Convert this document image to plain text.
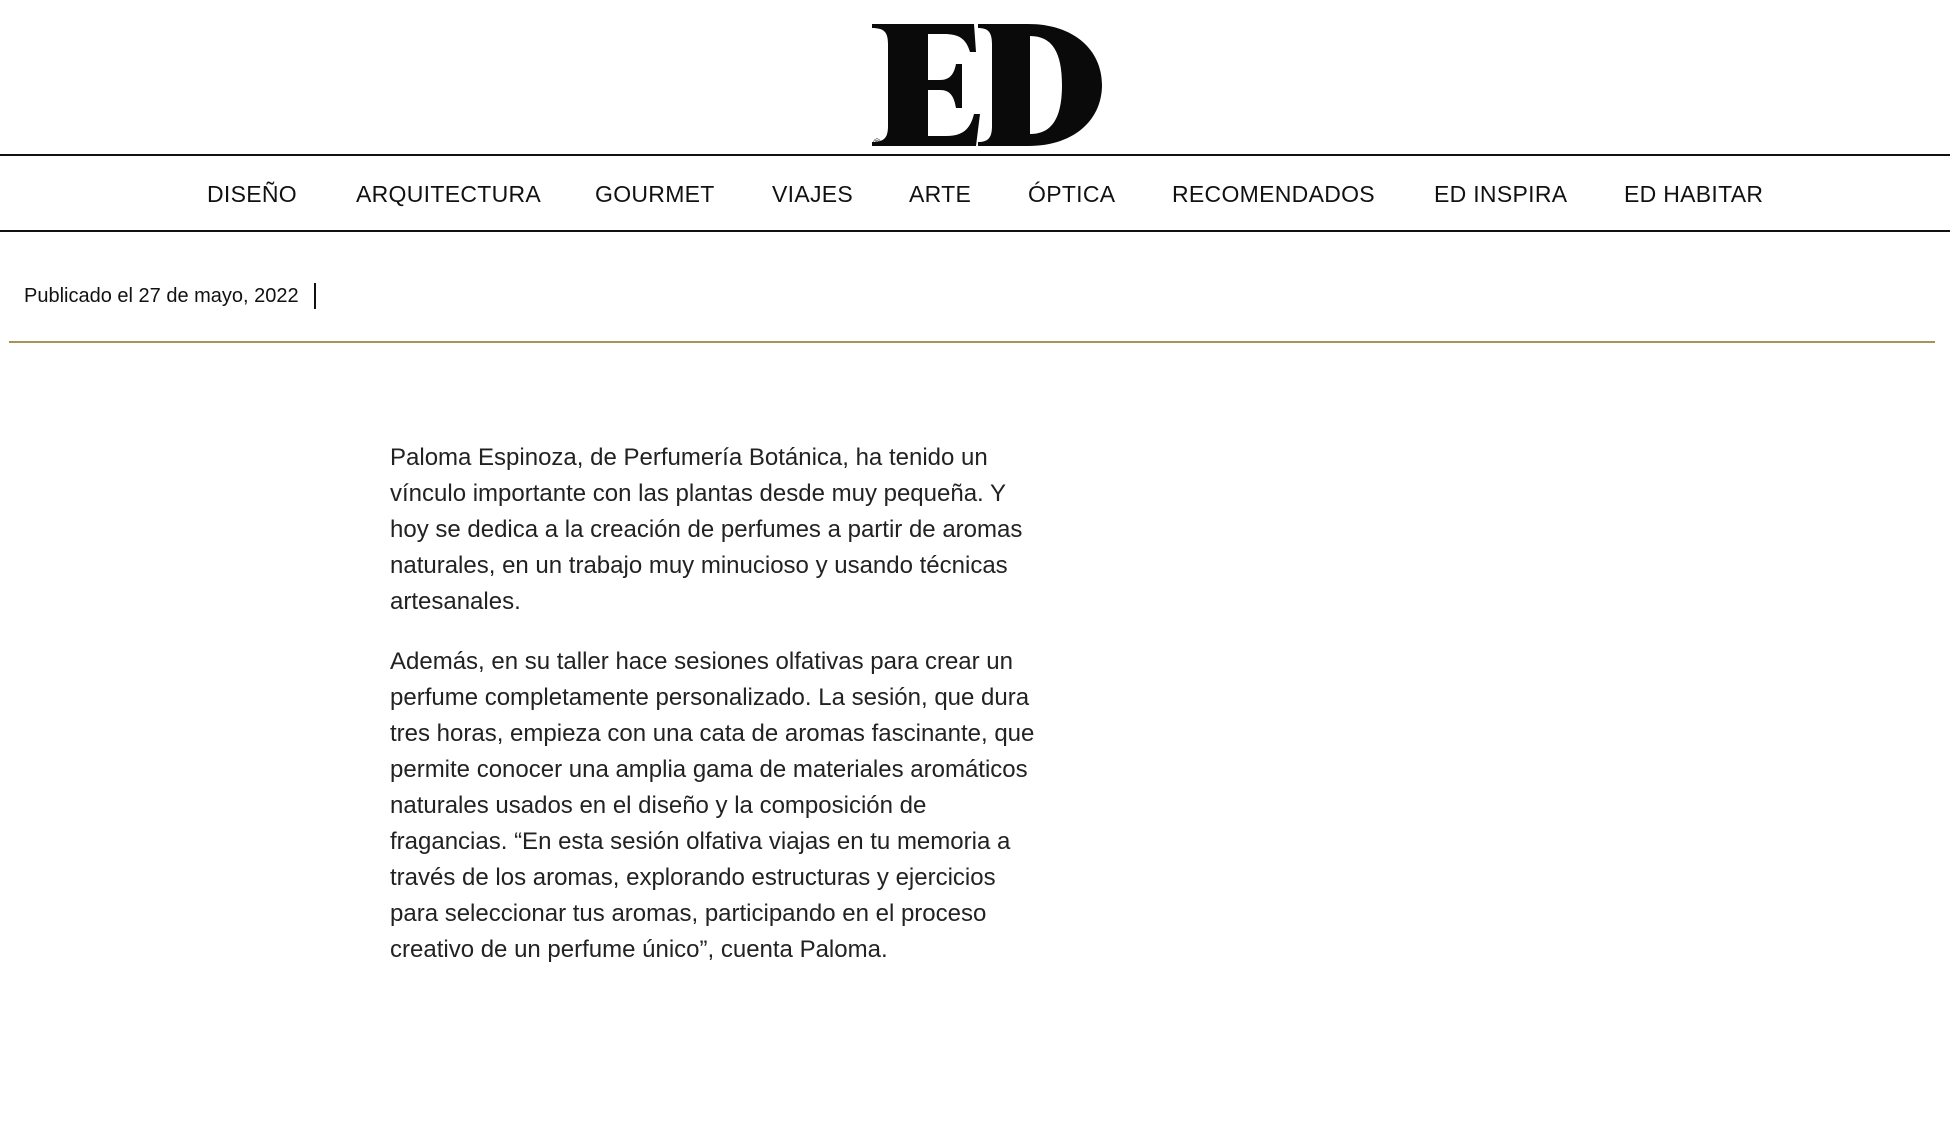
®
DISEÑO	ARQUITECTURA GOURMET VIAJES ARTE ÓPTICA RECOMENDADOS	ED INSPIRA ED HABITAR
Publicado el 27 de mayo, 2022

Paloma Espinoza, de Perfumería Botánica, ha tenido un vínculo importante con las plantas desde muy pequeña. Y hoy se dedica a la creación de perfumes a partir de aromas naturales, en un trabajo muy minucioso y usando técnicas artesanales.

Además, en su taller hace sesiones olfativas para crear un perfume completamente personalizado. La sesión, que dura tres horas, empieza con una cata de aromas fascinante, que permite conocer una amplia gama de materiales aromáticos naturales usados en el diseño y la composición de fragancias. “En esta sesión olfativa viajas en tu memoria a través de los aromas, explorando estructuras y ejercicios para seleccionar tus aromas, participando en el proceso creativo de un perfume único”, cuenta Paloma.
